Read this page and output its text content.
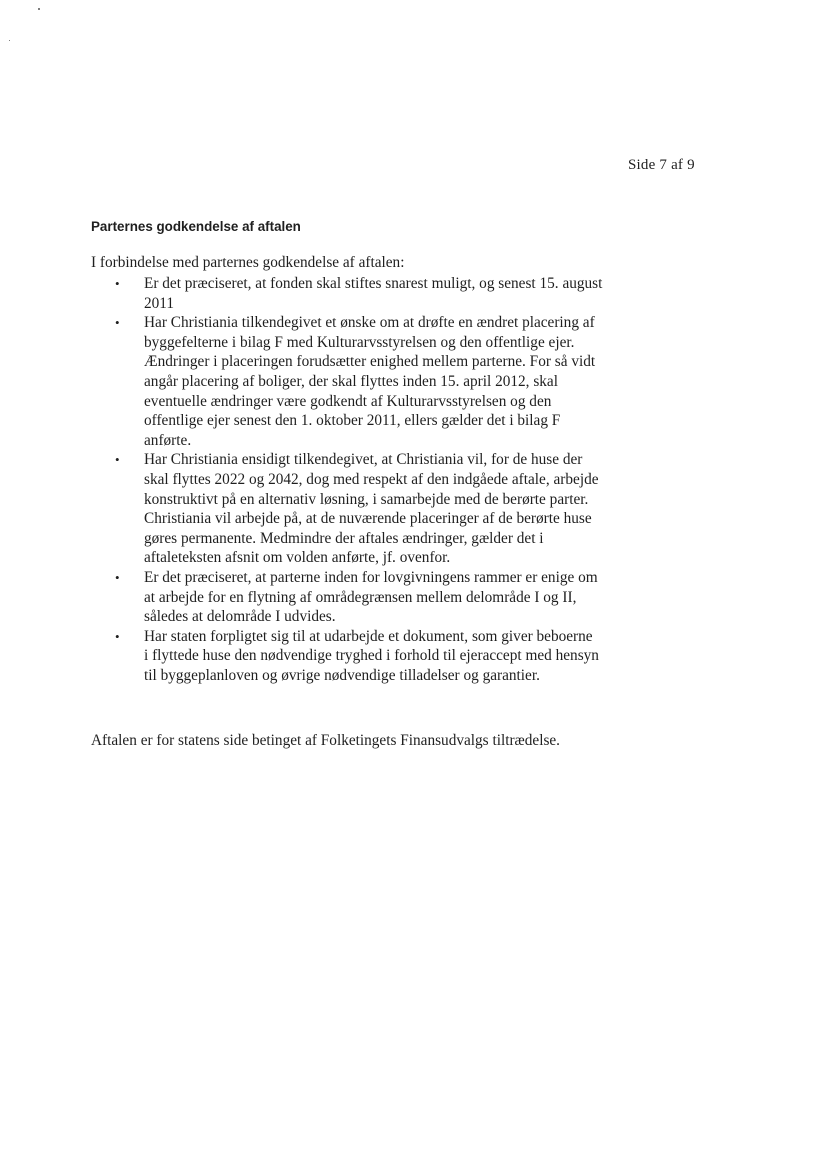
Side 7 af 9
Parternes godkendelse af aftalen

I forbindelse med parternes godkendelse af aftalen:

• Er det præciseret, at fonden skal stiftes snarest muligt, og senest 15. august
2011
• Har Christiania tilkendegivet et ønske om at drøfte en ændret placering af
byggefelterne i bilag F med Kulturarvsstyrelsen og den offentlige ejer.
Ændringer i placeringen forudsætter enighed mellem parterne. For så vidt
angår placering af boliger, der skal flyttes inden 15. april 2012, skal
eventuelle ændringer være godkendt af Kulturarvsstyrelsen og den
offentlige ejer senest den 1. oktober 2011, ellers gælder det i bilag F
anførte.
• Har Christiania ensidigt tilkendegivet, at Christiania vil, for de huse der
skal flyttes 2022 og 2042, dog med respekt af den indgåede aftale, arbejde
konstruktivt på en alternativ løsning, i samarbejde med de berørte parter.
Christiania vil arbejde på, at de nuværende placeringer af de berørte huse
gøres permanente. Medmindre der aftales ændringer, gælder det i
aftaleteksten afsnit om volden anførte, jf. ovenfor.
• Er det præciseret, at parterne inden for lovgivningens rammer er enige om
at arbejde for en flytning af områdegrænsen mellem delområde I og II,
således at delområde I udvides.
• Har staten forpligtet sig til at udarbejde et dokument, som giver beboerne
i flyttede huse den nødvendige tryghed i forhold til ejeraccept med hensyn
til byggeplanloven og øvrige nødvendige tilladelser og garantier.

Aftalen er for statens side betinget af Folketingets Finansudvalgs tiltrædelse.
